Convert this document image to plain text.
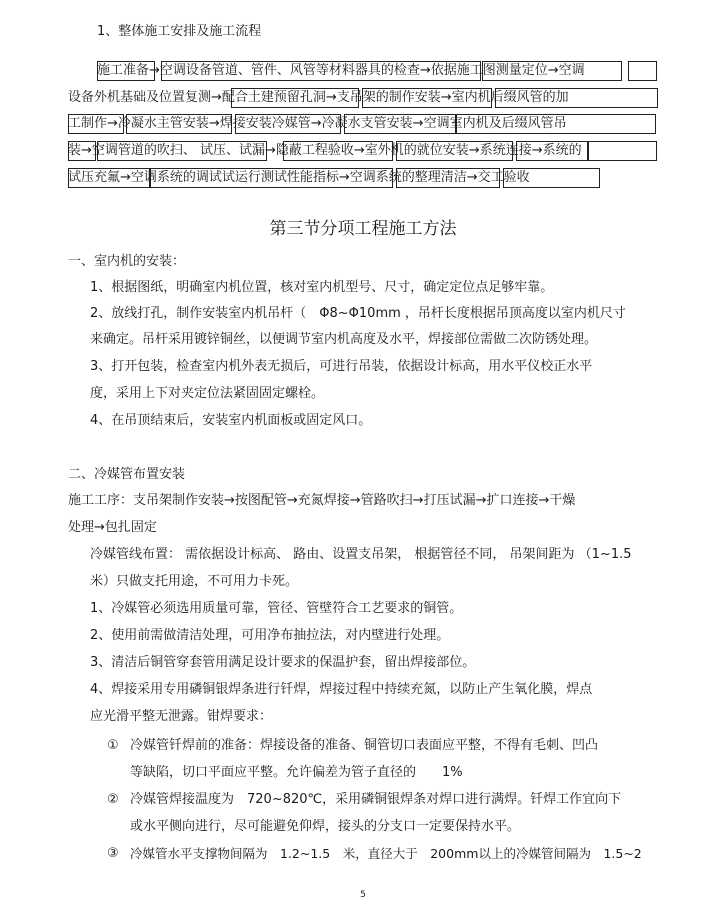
1、整体施工安排及施工流程
施工准备→空调设备管道、管件、风管等材料器具的检查→依据施工图测量定位→空调
设备外机基础及位置复测→配合土建预留孔洞→支吊架的制作安装→室内机后缀风管的加
工制作→冷凝水主管安装→焊接安装冷媒管→冷凝水支管安装→空调室内机及后缀风管吊
装→空调管道的吹扫、 试压、试漏→隐蔽工程验收→室外机的就位安装→系统连接→系统的
试压充氟→空调系统的调试试运行测试性能指标→空调系统的整理清洁→交工验收
第三节分项工程施工方法
一、室内机的安装：
1、根据图纸，明确室内机位置，核对室内机型号、尺寸，确定定位点足够牢靠。
2、放线打孔，制作安装室内机吊杆（　Φ8~Φ10mm ，吊杆长度根据吊顶高度以室内机尺寸
来确定。吊杆采用镀锌铜丝，以便调节室内机高度及水平，焊接部位需做二次防锈处理。
3、打开包装，检查室内机外表无损后，可进行吊装，依据设计标高，用水平仪校正水平
度，采用上下对夹定位法紧固固定螺栓。
4、在吊顶结束后，安装室内机面板或固定风口。
二、冷媒管布置安装
施工工序：支吊架制作安装→按图配管→充氮焊接→管路吹扫→打压试漏→扩口连接→干燥
处理→包扎固定
冷媒管线布置： 需依据设计标高、 路由、设置支吊架， 根据管径不同， 吊架间距为 （1~1.5
米）只做支托用途，不可用力卡死。
1、冷媒管必须选用质量可靠，管径、管壁符合工艺要求的铜管。
2、使用前需做清洁处理，可用净布抽拉法，对内壁进行处理。
3、清洁后铜管穿套管用满足设计要求的保温护套，留出焊接部位。
4、焊接采用专用磷铜银焊条进行钎焊，焊接过程中持续充氮，以防止产生氧化膜，焊点
应光滑平整无泄露。钳焊要求：
① 冷媒管钎焊前的准备：焊接设备的准备、铜管切口表面应平整，不得有毛刺、凹凸
等缺陷，切口平面应平整。允许偏差为管子直径的　　1%
② 冷媒管焊接温度为　720~820℃，采用磷铜银焊条对焊口进行满焊。钎焊工作宜向下
或水平侧向进行，尽可能避免仰焊，接头的分支口一定要保持水平。
③ 冷媒管水平支撑物间隔为　1.2~1.5　米，直径大于　200mm以上的冷媒管间隔为　1.5~2
5
